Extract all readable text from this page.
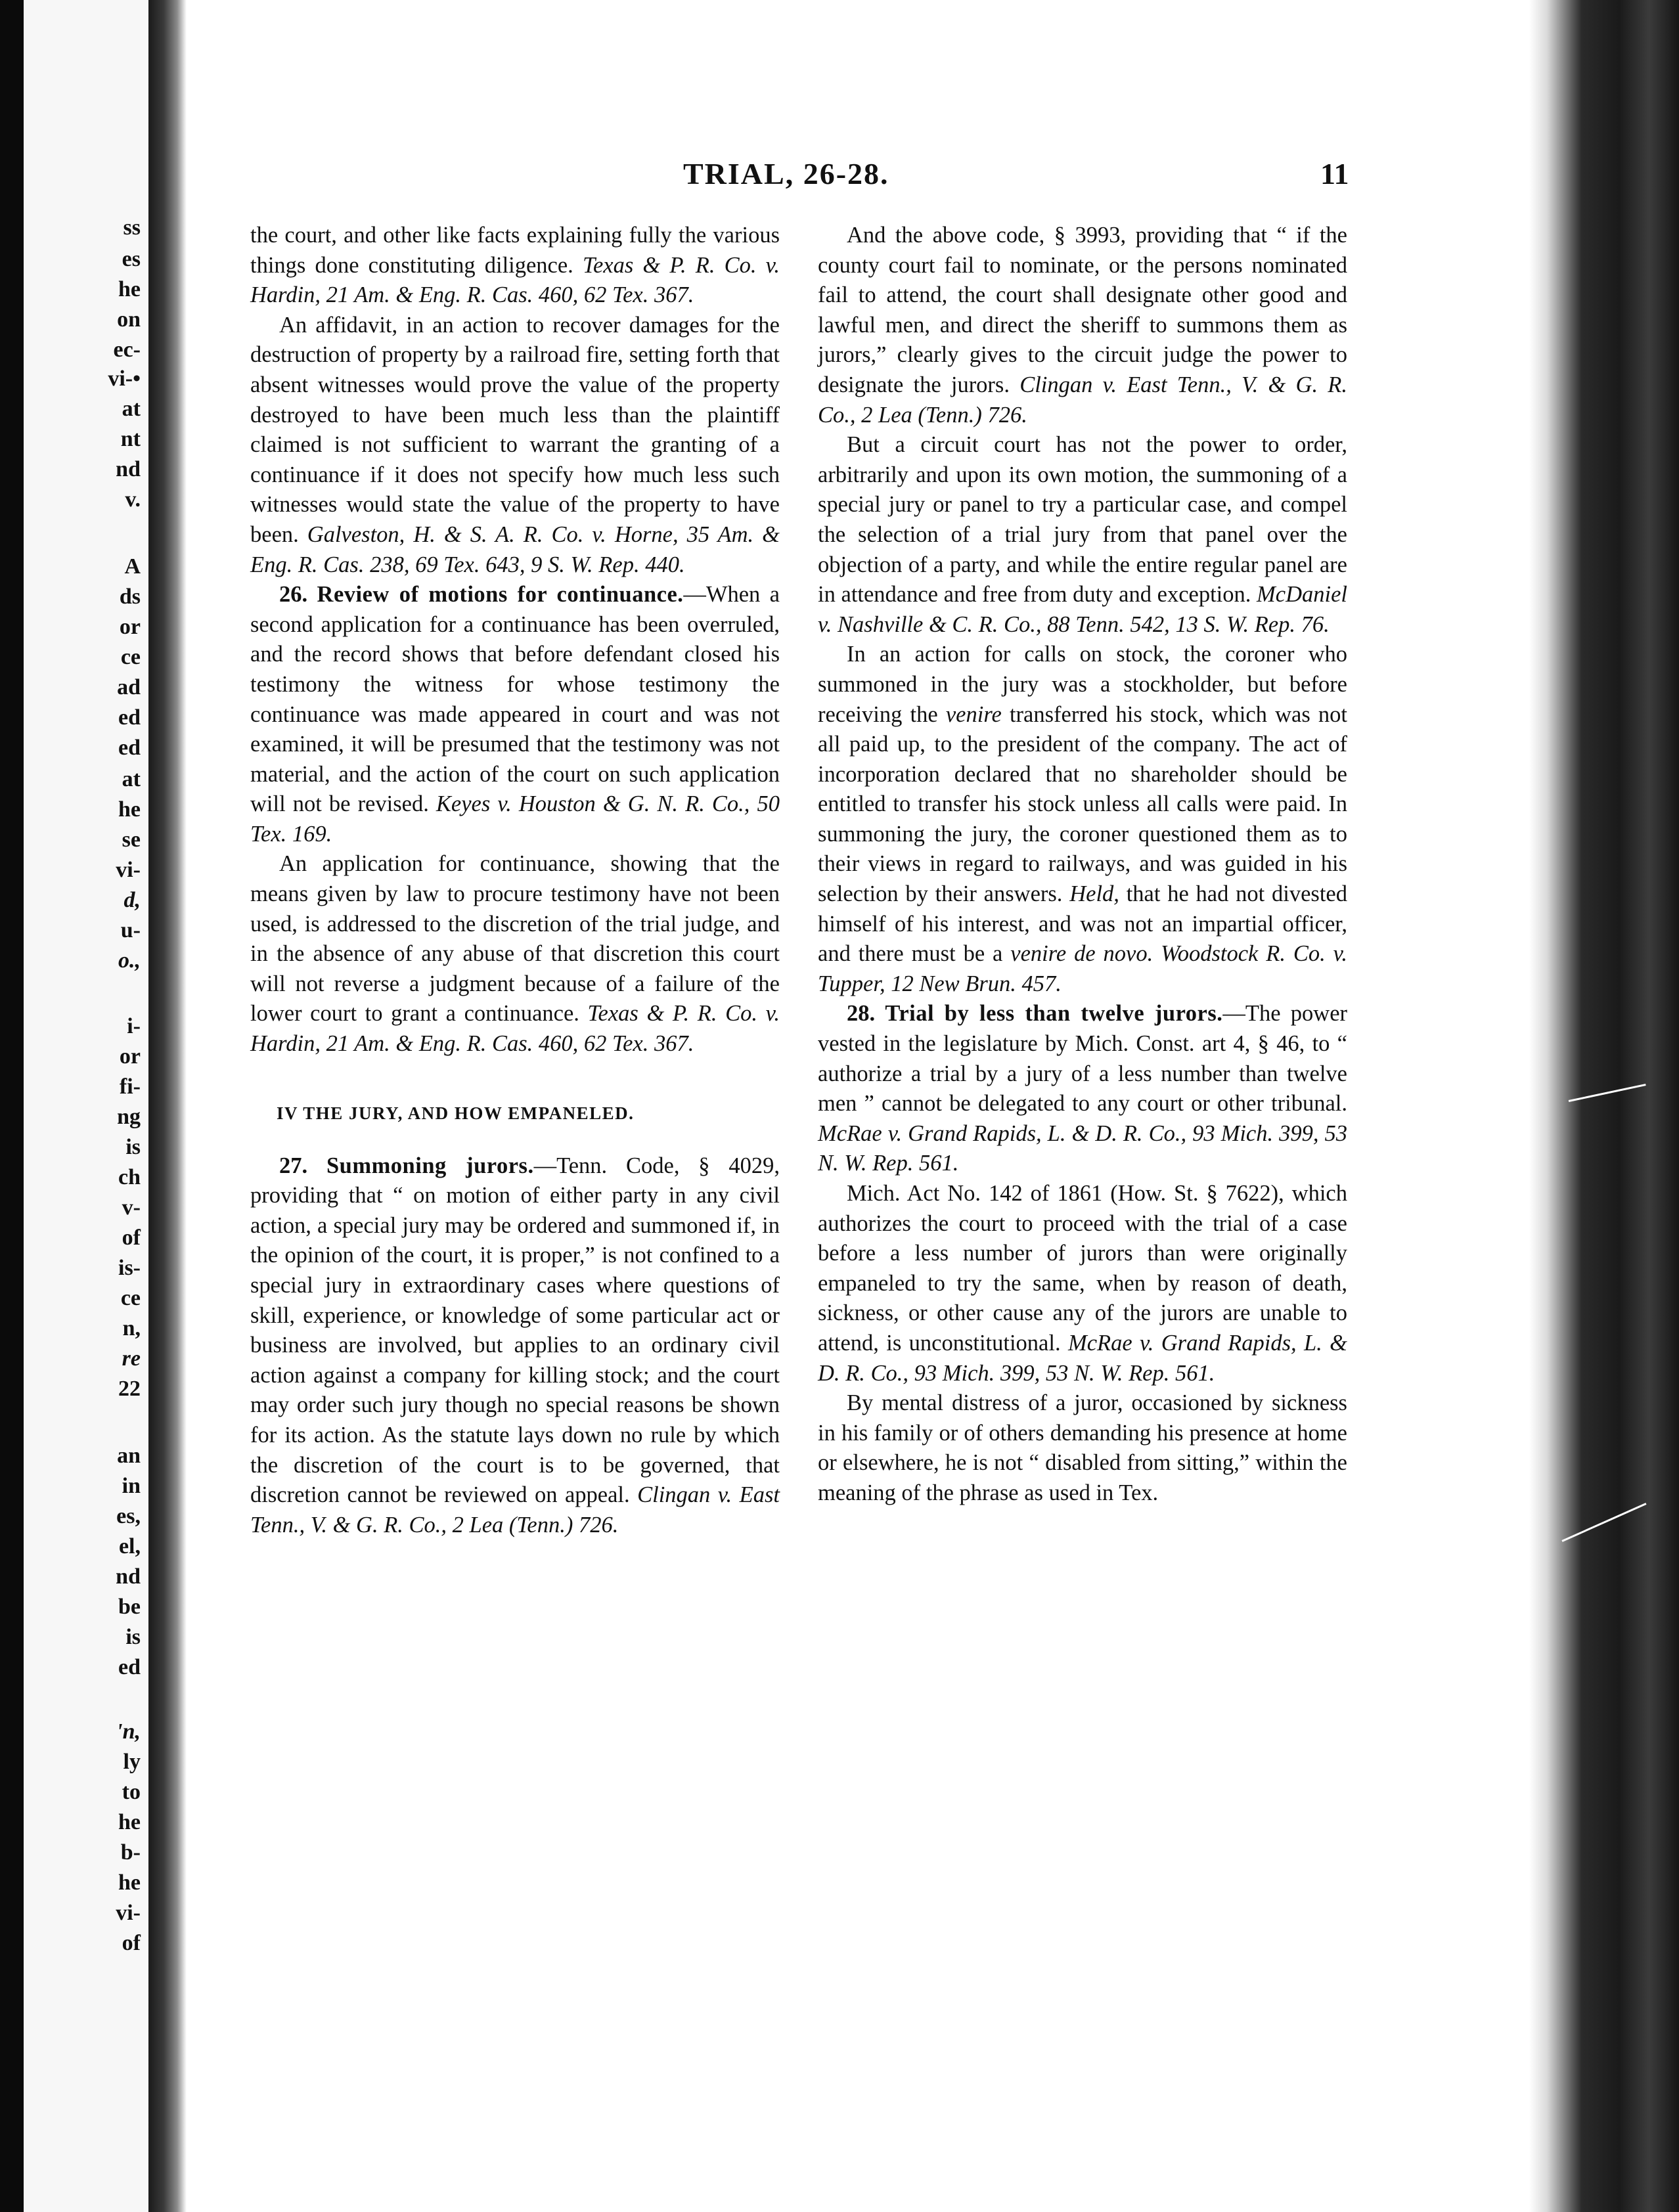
ss
es
he
on
ec-
vi-•
at
nt
nd
v.
A
ds
or
ce
ad
ed
ed
at
he
se
vi-
d,
u-
o.,
i-
or
fi-
ng
is
ch
v-
of
is-
ce
n,
re
22
an
in
es,
el,
nd
be
is
ed
'n,
ly
to
he
b-
he
vi-
of
TRIAL, 26-28.	11

the court, and other like facts explaining fully the various things done constituting diligence. Texas & P. R. Co. v. Hardin, 21 Am. & Eng. R. Cas. 460, 62 Tex. 367.

An affidavit, in an action to recover damages for the destruction of property by a railroad fire, setting forth that absent witnesses would prove the value of the property destroyed to have been much less than the plaintiff claimed is not sufficient to warrant the granting of a continuance if it does not specify how much less such witnesses would state the value of the property to have been. Galveston, H. & S. A. R. Co. v. Horne, 35 Am. & Eng. R. Cas. 238, 69 Tex. 643, 9 S. W. Rep. 440.

26. Review of motions for continuance.—When a second application for a continuance has been overruled, and the record shows that before defendant closed his testimony the witness for whose testimony the continuance was made appeared in court and was not examined, it will be presumed that the testimony was not material, and the action of the court on such application will not be revised. Keyes v. Houston & G. N. R. Co., 50 Tex. 169.

An application for continuance, showing that the means given by law to procure testimony have not been used, is addressed to the discretion of the trial judge, and in the absence of any abuse of that discretion this court will not reverse a judgment because of a failure of the lower court to grant a continuance. Texas & P. R. Co. v. Hardin, 21 Am. & Eng. R. Cas. 460, 62 Tex. 367.

IV THE JURY, AND HOW EMPANELED.

27. Summoning jurors.—Tenn. Code, § 4029, providing that “ on motion of either party in any civil action, a special jury may be ordered and summoned if, in the opinion of the court, it is proper,” is not confined to a special jury in extraordinary cases where questions of skill, experience, or knowledge of some particular act or business are involved, but applies to an ordinary civil action against a company for killing stock; and the court may order such jury though no special reasons be shown for its action. As the statute lays down no rule by which the discretion of the court is to be governed, that discretion cannot be reviewed on appeal. Clingan v. East Tenn., V. & G. R. Co., 2 Lea (Tenn.) 726.

And the above code, § 3993, providing that “ if the county court fail to nominate, or the persons nominated fail to attend, the court shall designate other good and lawful men, and direct the sheriff to summons them as jurors,” clearly gives to the circuit judge the power to designate the jurors. Clingan v. East Tenn., V. & G. R. Co., 2 Lea (Tenn.) 726.

But a circuit court has not the power to order, arbitrarily and upon its own motion, the summoning of a special jury or panel to try a particular case, and compel the selection of a trial jury from that panel over the objection of a party, and while the entire regular panel are in attendance and free from duty and exception. McDaniel v. Nashville & C. R. Co., 88 Tenn. 542, 13 S. W. Rep. 76.

In an action for calls on stock, the coroner who summoned in the jury was a stockholder, but before receiving the venire transferred his stock, which was not all paid up, to the president of the company. The act of incorporation declared that no shareholder should be entitled to transfer his stock unless all calls were paid. In summoning the jury, the coroner questioned them as to their views in regard to railways, and was guided in his selection by their answers. Held, that he had not divested himself of his interest, and was not an impartial officer, and there must be a venire de novo. Woodstock R. Co. v. Tupper, 12 New Brun. 457.

28. Trial by less than twelve jurors.—The power vested in the legislature by Mich. Const. art 4, § 46, to “ authorize a trial by a jury of a less number than twelve men ” cannot be delegated to any court or other tribunal. McRae v. Grand Rapids, L. & D. R. Co., 93 Mich. 399, 53 N. W. Rep. 561.

Mich. Act No. 142 of 1861 (How. St. § 7622), which authorizes the court to proceed with the trial of a case before a less number of jurors than were originally empaneled to try the same, when by reason of death, sickness, or other cause any of the jurors are unable to attend, is unconstitutional. McRae v. Grand Rapids, L. & D. R. Co., 93 Mich. 399, 53 N. W. Rep. 561.

By mental distress of a juror, occasioned by sickness in his family or of others demanding his presence at home or elsewhere, he is not “ disabled from sitting,” within the meaning of the phrase as used in Tex.
